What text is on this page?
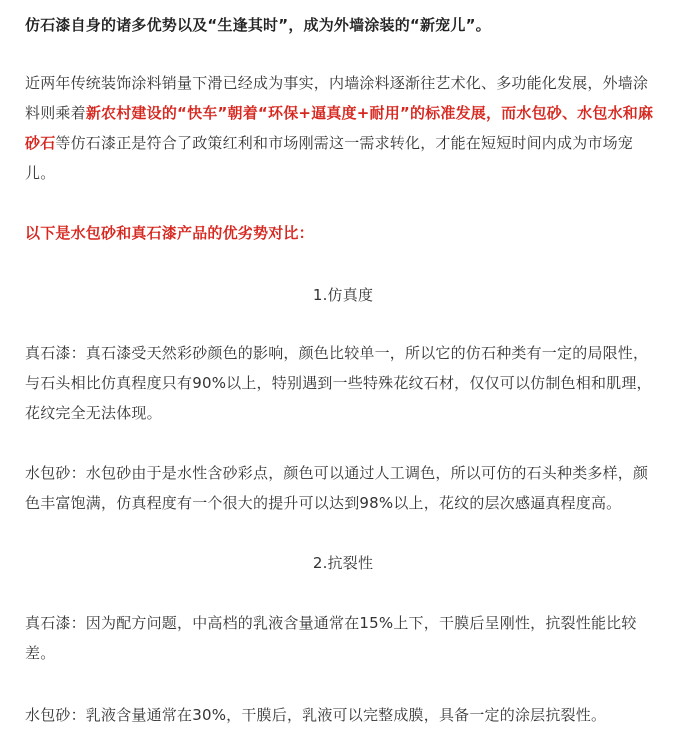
仿石漆自身的诸多优势以及“生逢其时”，成为外墙涂装的“新宠儿”。

近两年传统装饰涂料销量下滑已经成为事实，内墙涂料逐渐往艺术化、多功能化发展，外墙涂料则乘着新农村建设的“快车”朝着“环保+逼真度+耐用”的标准发展，而水包砂、水包水和麻砂石等仿石漆正是符合了政策红利和市场刚需这一需求转化，才能在短短时间内成为市场宠儿。

以下是水包砂和真石漆产品的优劣势对比：

1.仿真度

真石漆：真石漆受天然彩砂颜色的影响，颜色比较单一，所以它的仿石种类有一定的局限性，与石头相比仿真程度只有90%以上，特别遇到一些特殊花纹石材，仅仅可以仿制色相和肌理，花纹完全无法体现。

水包砂：水包砂由于是水性含砂彩点，颜色可以通过人工调色，所以可仿的石头种类多样，颜色丰富饱满，仿真程度有一个很大的提升可以达到98%以上，花纹的层次感逼真程度高。

2.抗裂性

真石漆：因为配方问题，中高档的乳液含量通常在15%上下，干膜后呈刚性，抗裂性能比较差。

水包砂：乳液含量通常在30%，干膜后，乳液可以完整成膜，具备一定的涂层抗裂性。
